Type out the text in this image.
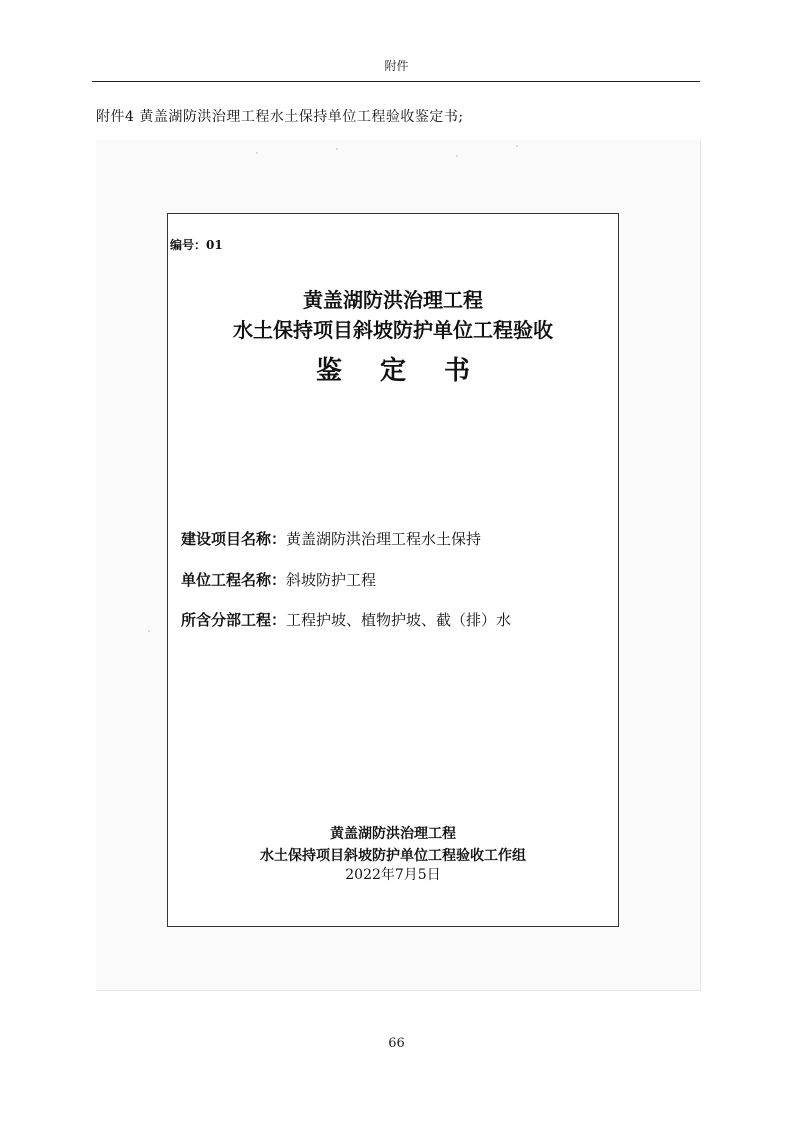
附件
附件4 黄盖湖防洪治理工程水土保持单位工程验收鉴定书;
编号：01
黄盖湖防洪治理工程
水土保持项目斜坡防护单位工程验收
鉴定书
建设项目名称：黄盖湖防洪治理工程水土保持
单位工程名称：斜坡防护工程
所含分部工程：工程护坡、植物护坡、截（排）水
黄盖湖防洪治理工程
水土保持项目斜坡防护单位工程验收工作组
2022年7月5日
66
